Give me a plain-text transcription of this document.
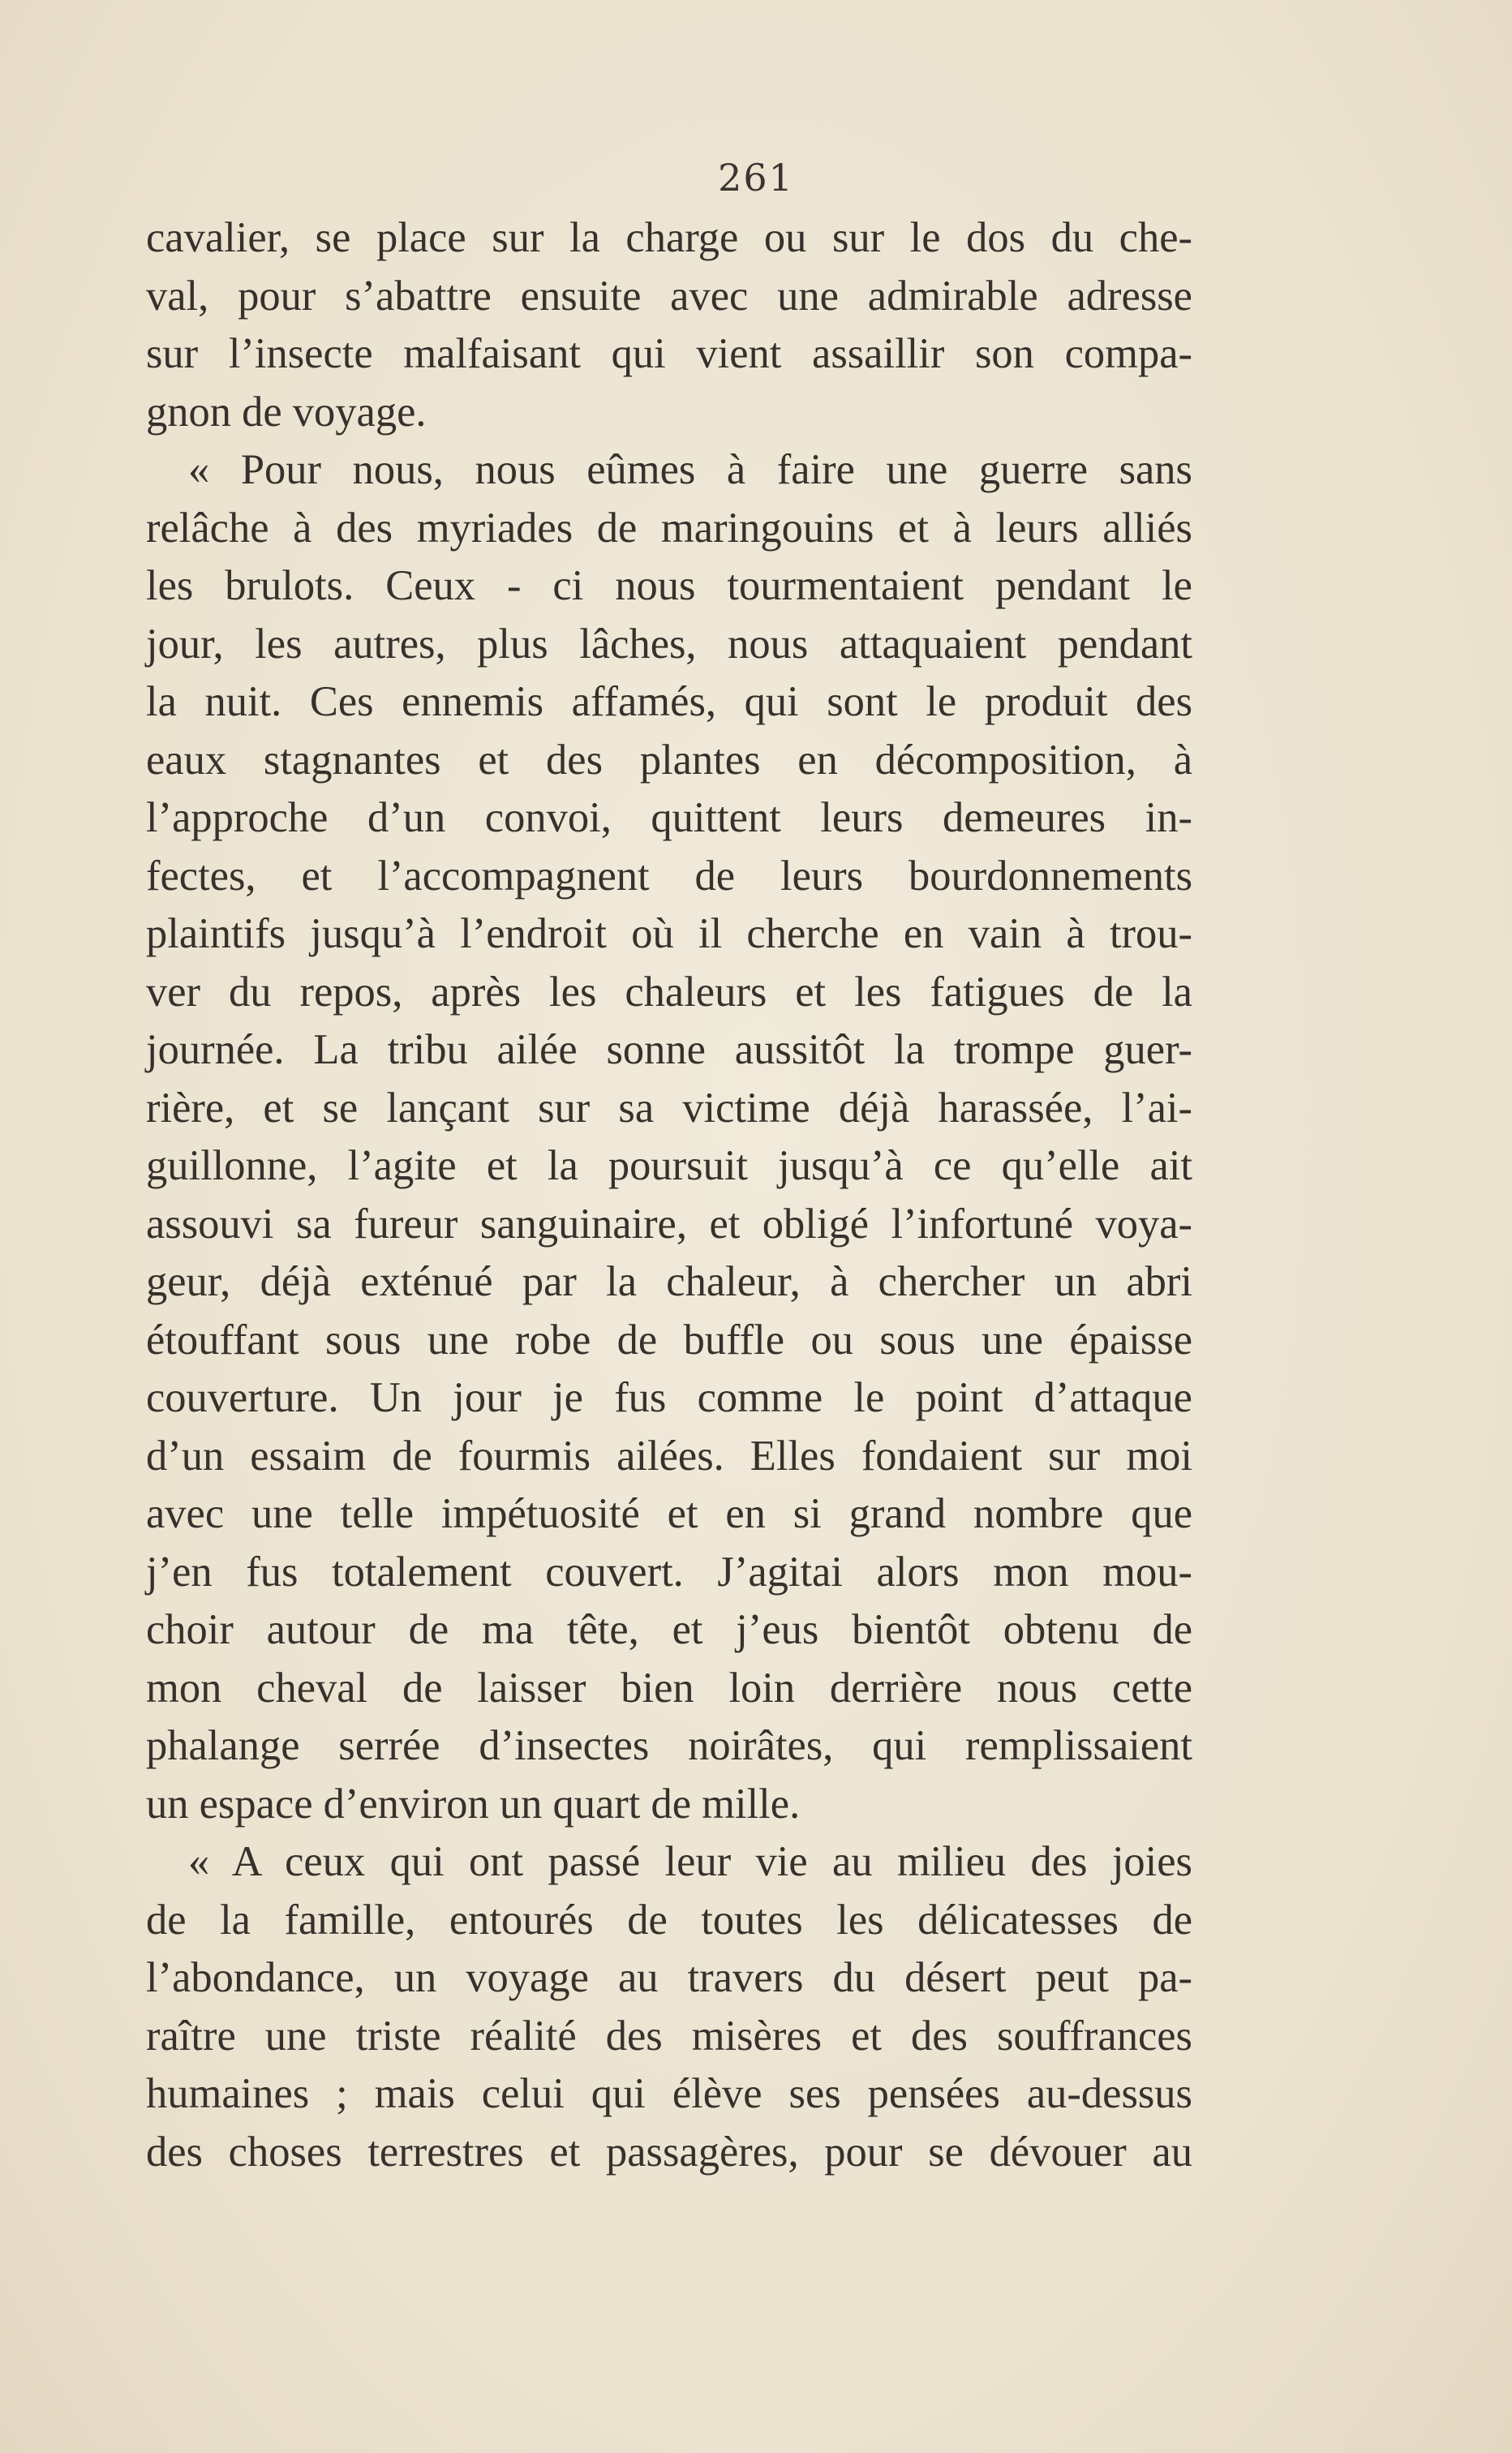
261
cavalier, se place sur la charge ou sur le dos du che-
val, pour s’abattre ensuite avec une admirable adresse
sur l’insecte malfaisant qui vient assaillir son compa-
gnon de voyage.
« Pour nous, nous eûmes à faire une guerre sans
relâche à des myriades de maringouins et à leurs alliés
les brulots. Ceux - ci nous tourmentaient pendant le
jour, les autres, plus lâches, nous attaquaient pendant
la nuit. Ces ennemis affamés, qui sont le produit des
eaux stagnantes et des plantes en décomposition, à
l’approche d’un convoi, quittent leurs demeures in-
fectes, et l’accompagnent de leurs bourdonnements
plaintifs jusqu’à l’endroit où il cherche en vain à trou-
ver du repos, après les chaleurs et les fatigues de la
journée. La tribu ailée sonne aussitôt la trompe guer-
rière, et se lançant sur sa victime déjà harassée, l’ai-
guillonne, l’agite et la poursuit jusqu’à ce qu’elle ait
assouvi sa fureur sanguinaire, et obligé l’infortuné voya-
geur, déjà exténué par la chaleur, à chercher un abri
étouffant sous une robe de buffle ou sous une épaisse
couverture. Un jour je fus comme le point d’attaque
d’un essaim de fourmis ailées. Elles fondaient sur moi
avec une telle impétuosité et en si grand nombre que
j’en fus totalement couvert. J’agitai alors mon mou-
choir autour de ma tête, et j’eus bientôt obtenu de
mon cheval de laisser bien loin derrière nous cette
phalange serrée d’insectes noirâtes, qui remplissaient
un espace d’environ un quart de mille.
« A ceux qui ont passé leur vie au milieu des joies
de la famille, entourés de toutes les délicatesses de
l’abondance, un voyage au travers du désert peut pa-
raître une triste réalité des misères et des souffrances
humaines ; mais celui qui élève ses pensées au-dessus
des choses terrestres et passagères, pour se dévouer au
